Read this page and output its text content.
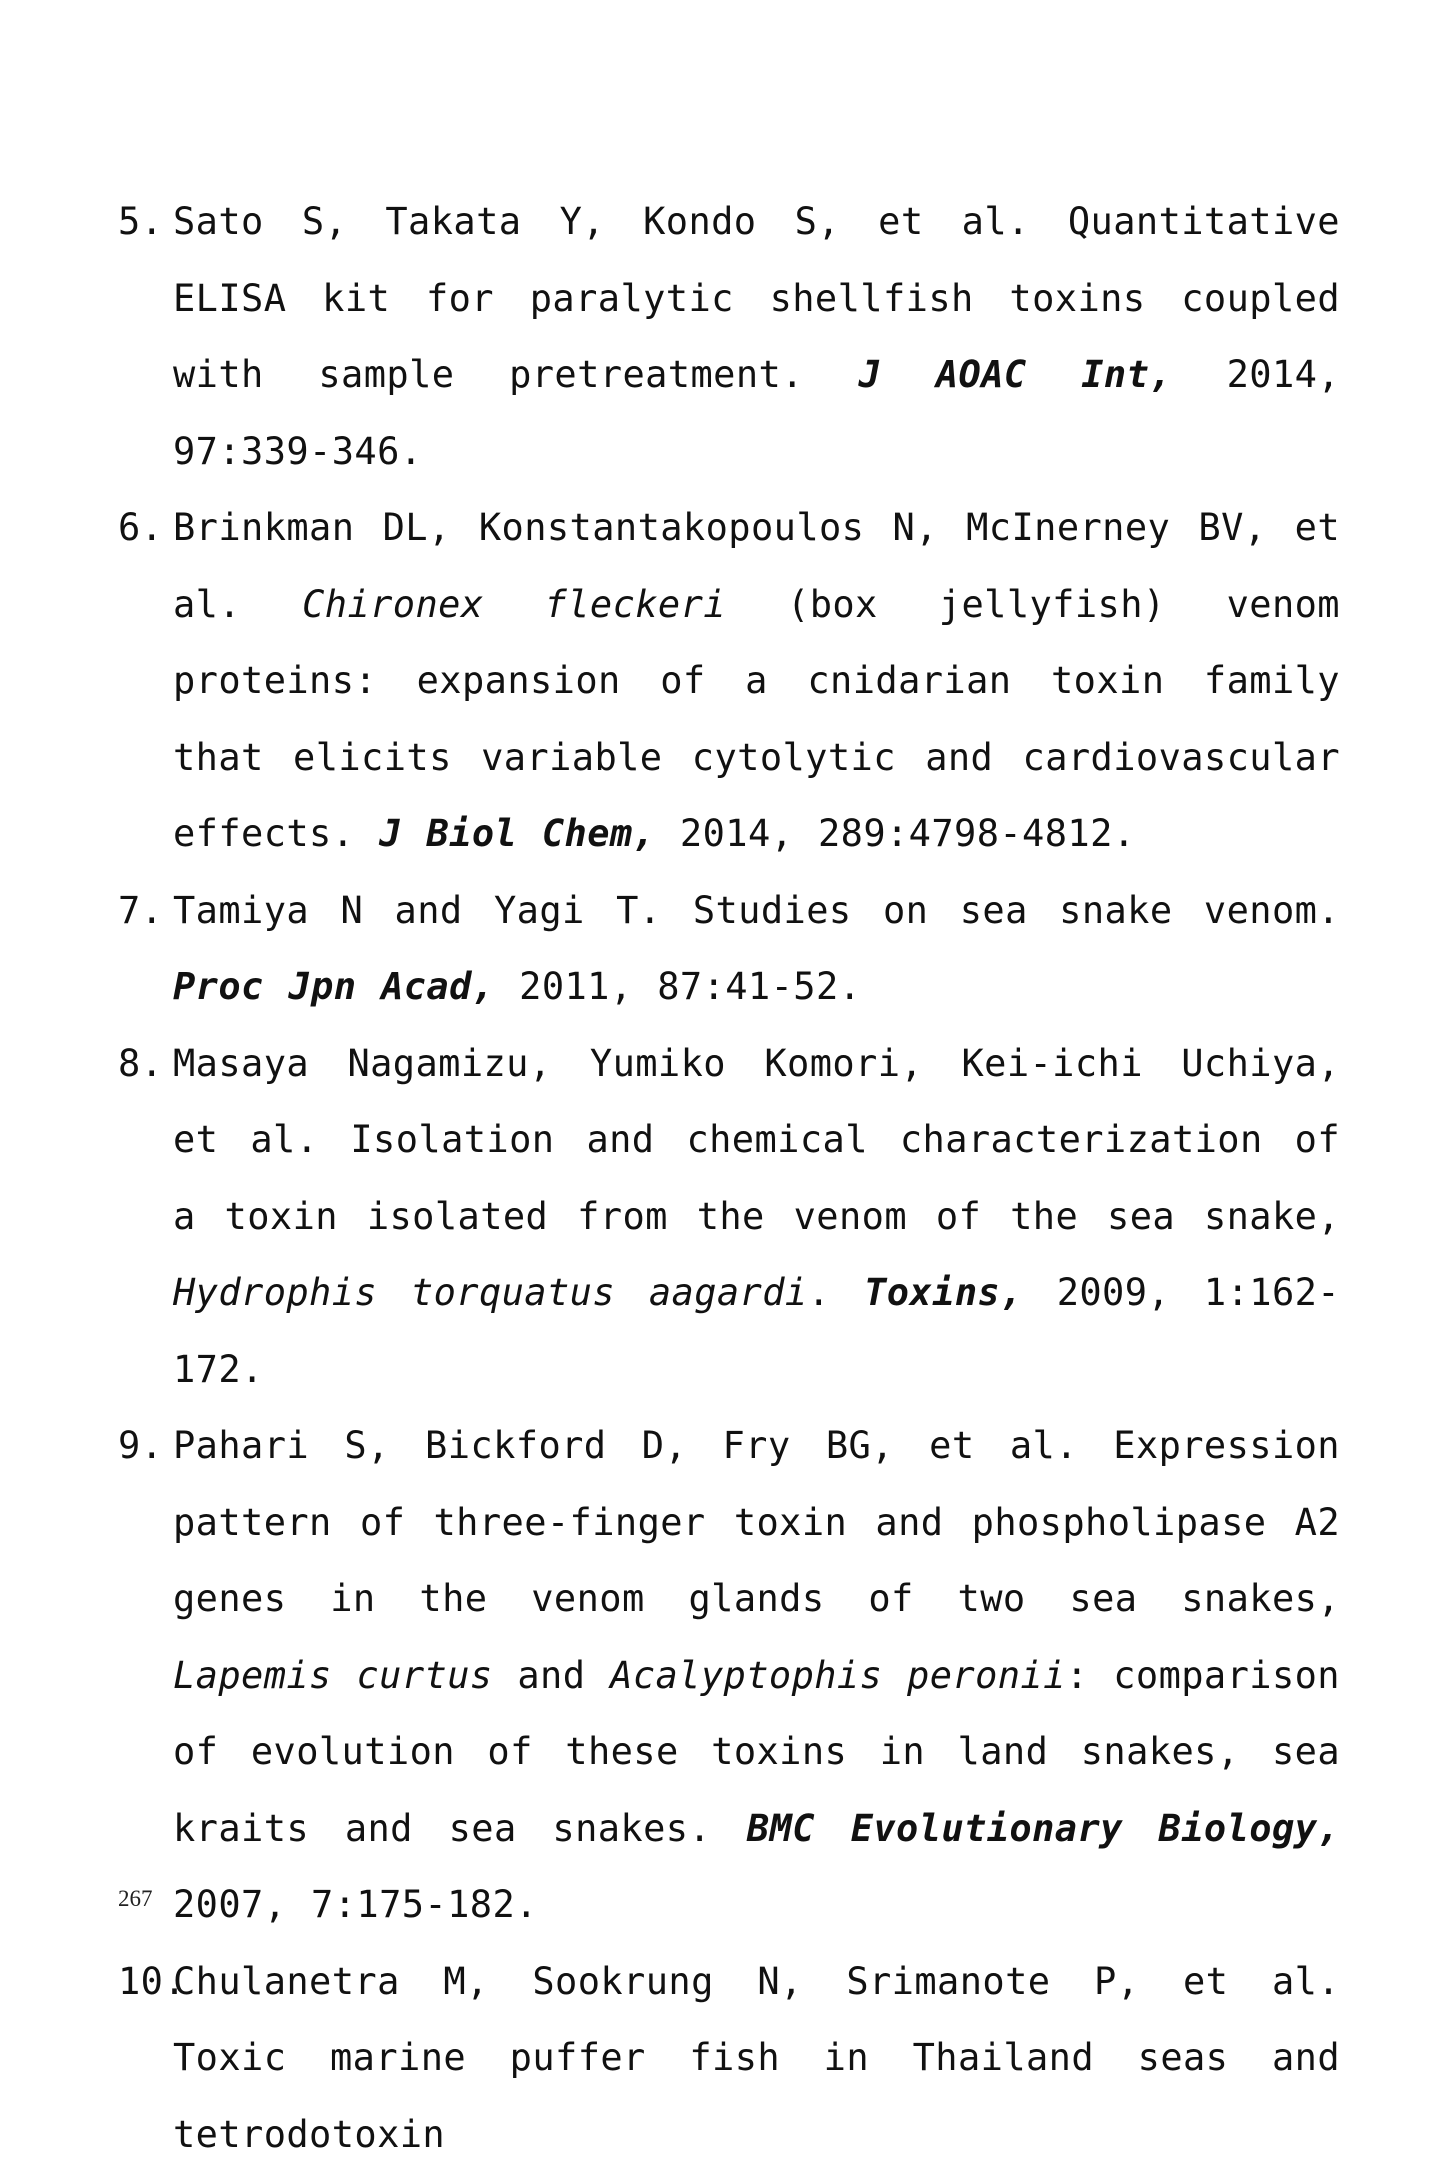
5. Sato S, Takata Y, Kondo S, et al. Quantitative ELISA kit for paralytic shellfish toxins coupled with sample pretreatment. J AOAC Int, 2014, 97:339-346.
6. Brinkman DL, Konstantakopoulos N, McInerney BV, et al. Chironex fleckeri (box jellyfish) venom proteins: expansion of a cnidarian toxin family that elicits variable cytolytic and cardiovascular effects. J Biol Chem, 2014, 289:4798-4812.
7. Tamiya N and Yagi T. Studies on sea snake venom. Proc Jpn Acad, 2011, 87:41-52.
8. Masaya Nagamizu, Yumiko Komori, Kei-ichi Uchiya, et al. Isolation and chemical characterization of a toxin isolated from the venom of the sea snake, Hydrophis torquatus aagardi. Toxins, 2009, 1:162-172.
9. Pahari S, Bickford D, Fry BG, et al. Expression pattern of three-finger toxin and phospholipase A2 genes in the venom glands of two sea snakes, Lapemis curtus and Acalyptophis peronii: comparison of evolution of these toxins in land snakes, sea kraits and sea snakes. BMC Evolutionary Biology, 2007, 7:175-182.
10.
Chulanetra M, Sookrung N, Srimanote P, et al. Toxic marine puffer fish in Thailand seas and tetrodotoxin
267
